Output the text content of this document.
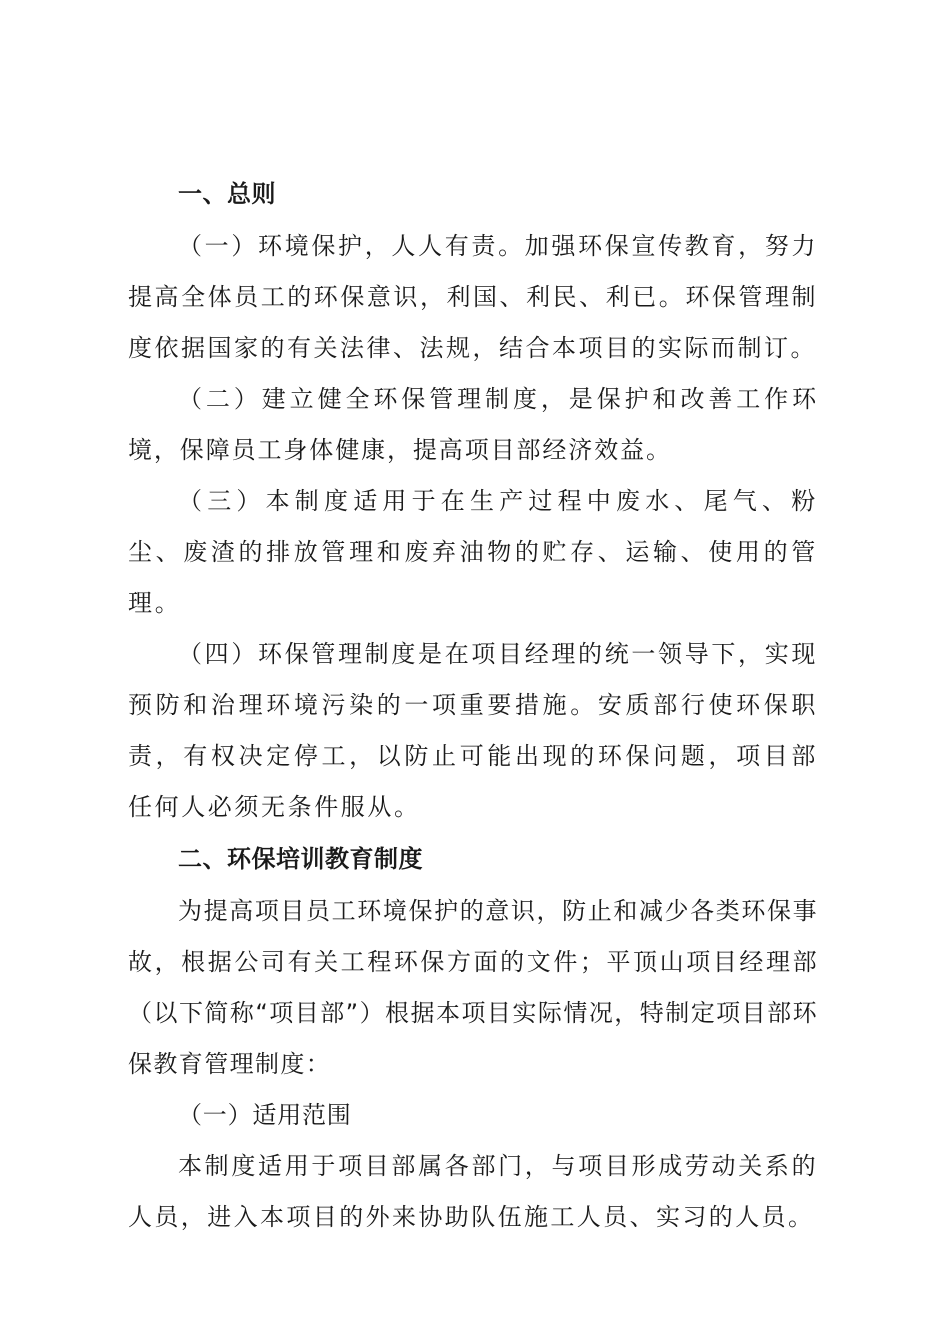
一、总则

（一）环境保护，人人有责。加强环保宣传教育，努力提高全体员工的环保意识，利国、利民、利已。环保管理制度依据国家的有关法律、法规，结合本项目的实际而制订。

（二）建立健全环保管理制度，是保护和改善工作环境，保障员工身体健康，提高项目部经济效益。

（三）本制度适用于在生产过程中废水、尾气、粉尘、废渣的排放管理和废弃油物的贮存、运输、使用的管理。

（四）环保管理制度是在项目经理的统一领导下，实现预防和治理环境污染的一项重要措施。安质部行使环保职责，有权决定停工，以防止可能出现的环保问题，项目部任何人必须无条件服从。

二、环保培训教育制度

为提高项目员工环境保护的意识，防止和减少各类环保事故，根据公司有关工程环保方面的文件；平顶山项目经理部（以下简称“项目部”）根据本项目实际情况，特制定项目部环保教育管理制度：

（一）适用范围

本制度适用于项目部属各部门，与项目形成劳动关系的人员，进入本项目的外来协助队伍施工人员、实习的人员。
